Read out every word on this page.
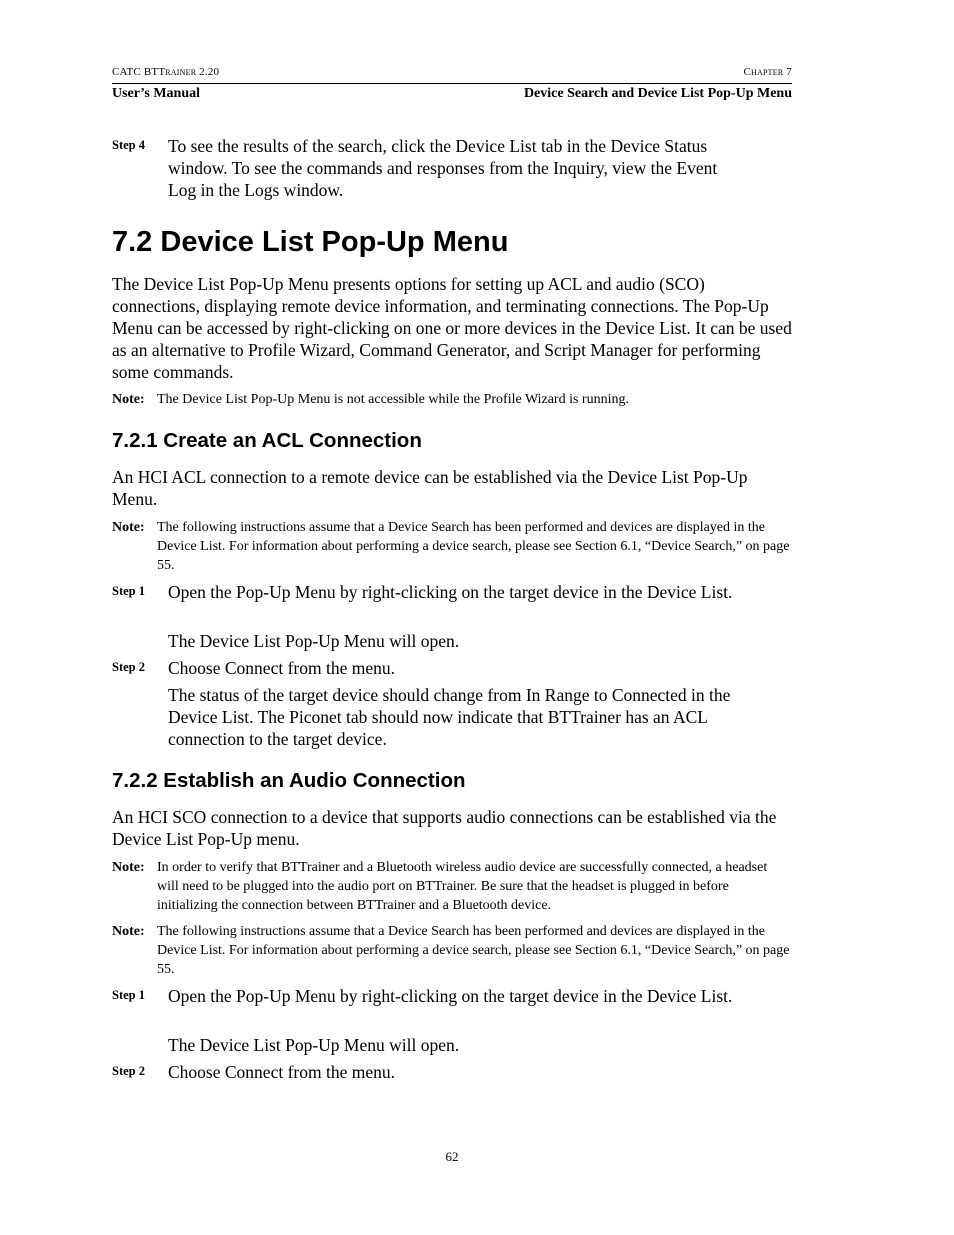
CATC BTTrainer 2.20	Chapter 7
User’s Manual	Device Search and Device List Pop-Up Menu
Step 4	To see the results of the search, click the Device List tab in the Device Status window. To see the commands and responses from the Inquiry, view the Event Log in the Logs window.
7.2 Device List Pop-Up Menu
The Device List Pop-Up Menu presents options for setting up ACL and audio (SCO) connections, displaying remote device information, and terminating connections. The Pop-Up Menu can be accessed by right-clicking on one or more devices in the Device List. It can be used as an alternative to Profile Wizard, Command Generator, and Script Manager for performing some commands.
Note: The Device List Pop-Up Menu is not accessible while the Profile Wizard is running.
7.2.1 Create an ACL Connection
An HCI ACL connection to a remote device can be established via the Device List Pop-Up Menu.
Note: The following instructions assume that a Device Search has been performed and devices are displayed in the Device List. For information about performing a device search, please see Section 6.1, “Device Search,” on page 55.
Step 1	Open the Pop-Up Menu by right-clicking on the target device in the Device List.
The Device List Pop-Up Menu will open.
Step 2	Choose Connect from the menu.
The status of the target device should change from In Range to Connected in the Device List. The Piconet tab should now indicate that BTTrainer has an ACL connection to the target device.
7.2.2 Establish an Audio Connection
An HCI SCO connection to a device that supports audio connections can be established via the Device List Pop-Up menu.
Note: In order to verify that BTTrainer and a Bluetooth wireless audio device are successfully connected, a headset will need to be plugged into the audio port on BTTrainer. Be sure that the headset is plugged in before initializing the connection between BTTrainer and a Bluetooth device.
Note: The following instructions assume that a Device Search has been performed and devices are displayed in the Device List. For information about performing a device search, please see Section 6.1, “Device Search,” on page 55.
Step 1	Open the Pop-Up Menu by right-clicking on the target device in the Device List.
The Device List Pop-Up Menu will open.
Step 2	Choose Connect from the menu.
62
